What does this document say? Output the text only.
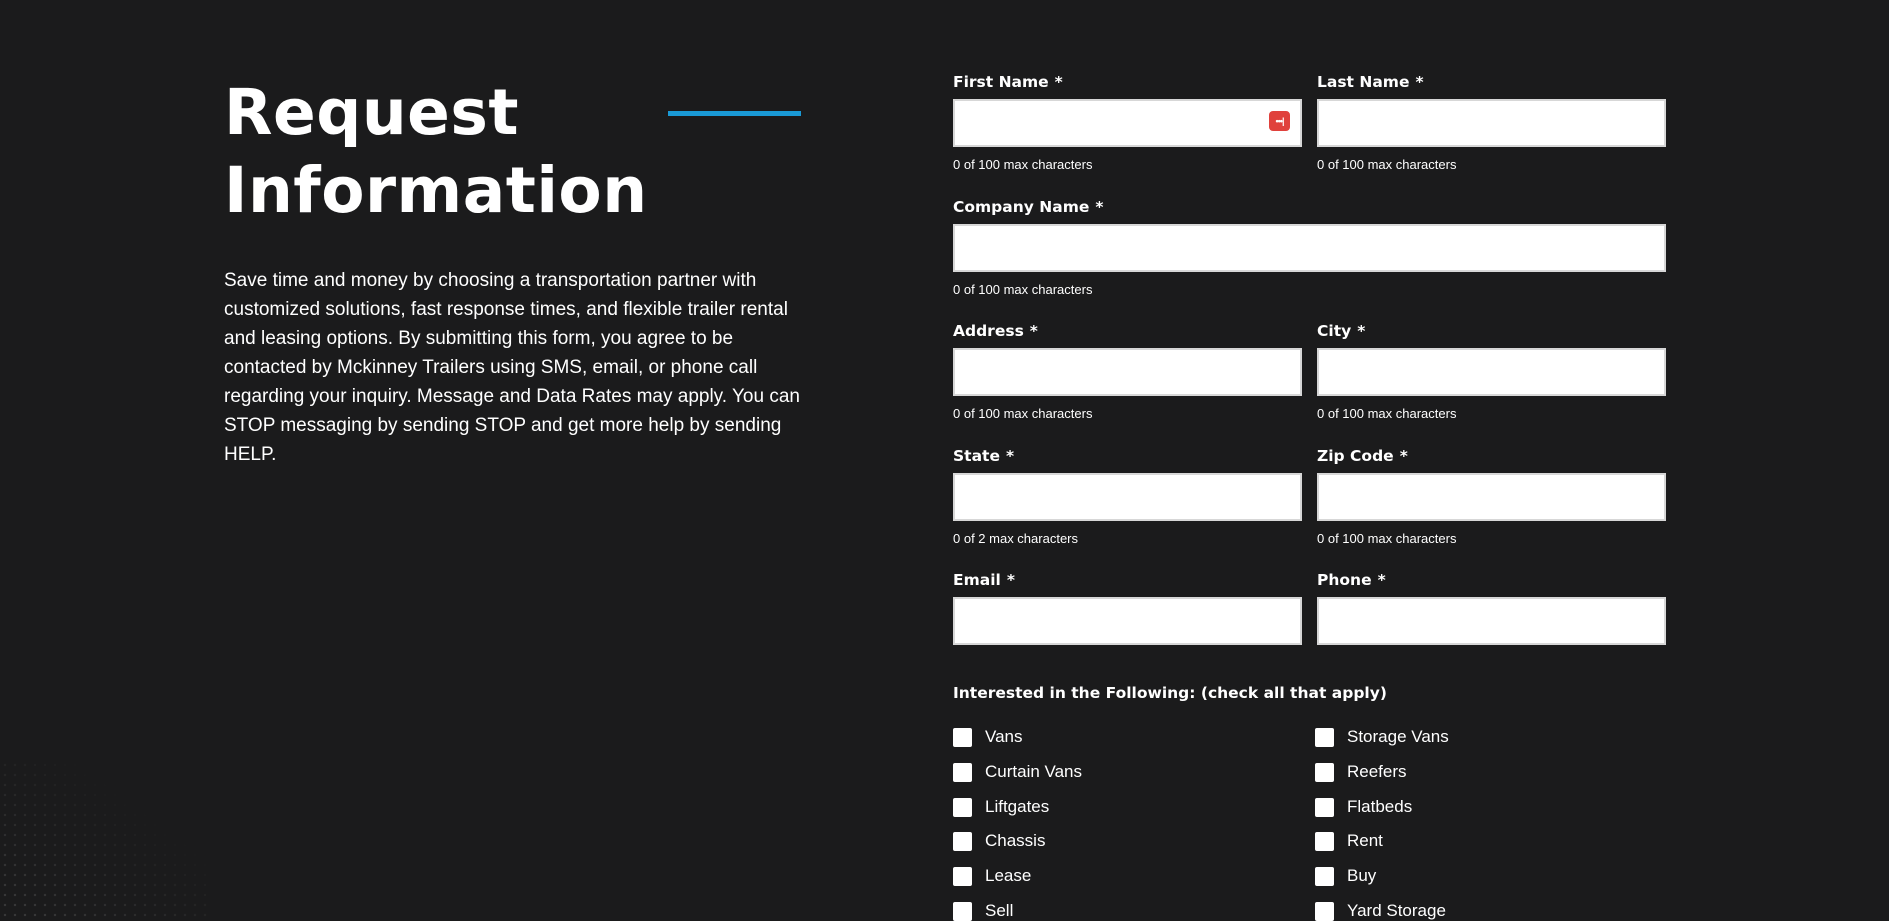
Request
Information

Save time and money by choosing a transportation partner with customized solutions, fast response times, and flexible trailer rental and leasing options. By submitting this form, you agree to be contacted by Mckinney Trailers using SMS, email, or phone call regarding your inquiry. Message and Data Rates may apply. You can STOP messaging by sending STOP and get more help by sending HELP.

First Name *
•••|
0 of 100 max characters
Last Name *
0 of 100 max characters
Company Name *
0 of 100 max characters
Address *
0 of 100 max characters
City *
0 of 100 max characters
State *
0 of 2 max characters
Zip Code *
0 of 100 max characters
Email *	Phone *
Interested in the Following: (check all that apply)
Vans
Curtain Vans
Liftgates
Chassis
Lease
Sell
Storage Vans
Reefers
Flatbeds
Rent
Buy
Yard Storage
